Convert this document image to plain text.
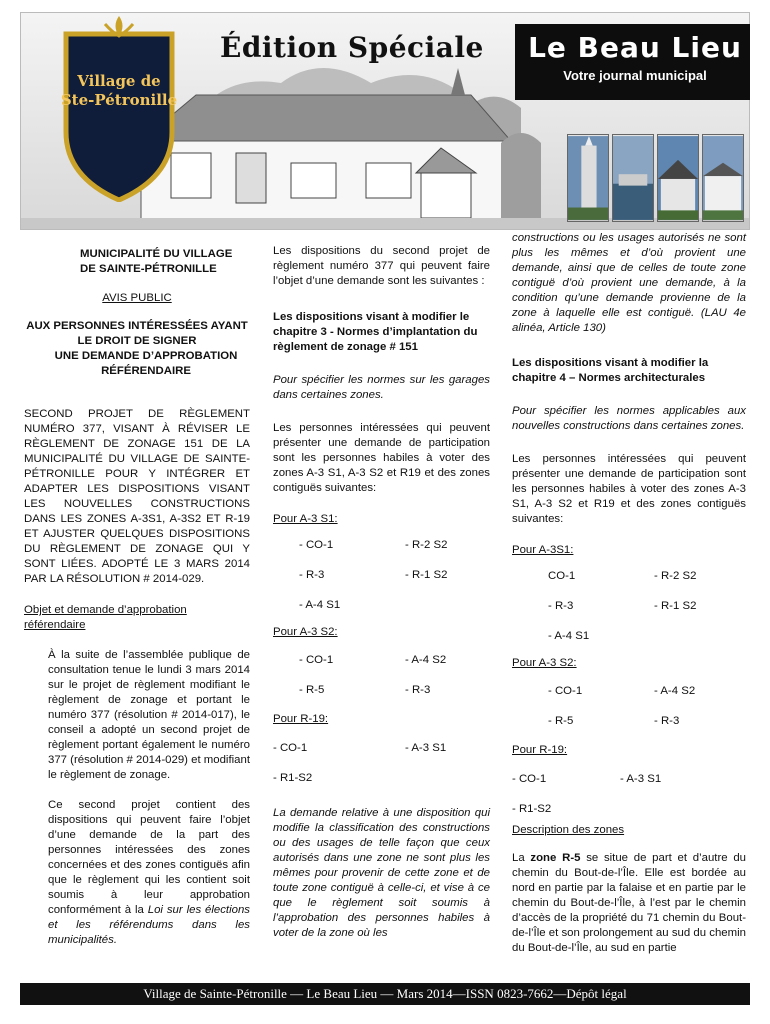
Village de
Ste-Pétronille
Édition Spéciale Le Beau Lieu
Votre journal municipal
MUNICIPALITÉ DU VILLAGE DE SAINTE-PÉTRONILLE
AVIS PUBLIC
AUX PERSONNES INTÉRESSÉES AYANT LE DROIT DE SIGNER
UNE DEMANDE D’APPROBATION RÉFÉRENDAIRE
SECOND PROJET DE RÈGLEMENT NUMÉRO 377, VISANT À RÉVISER LE RÈGLEMENT DE ZONAGE 151 DE LA MUNICIPALITÉ DU VILLAGE DE SAINTE-PÉTRONILLE POUR Y INTÉGRER ET ADAPTER LES DISPOSITIONS VISANT LES NOUVELLES CONSTRUCTIONS DANS LES ZONES A-3S1, A-3S2 ET R-19 ET AJUSTER QUELQUES DISPOSITIONS DU RÈGLEMENT DE ZONAGE QUI Y SONT LIÉES. ADOPTÉ LE 3 MARS 2014 PAR LA RÉSOLUTION # 2014-029.
Objet et demande d’approbation référendaire
À la suite de l’assemblée publique de consultation tenue le lundi 3 mars 2014 sur le projet de règlement modifiant le règlement de zonage et portant le numéro 377 (résolution # 2014-017), le conseil a adopté un second projet de règlement portant également le numéro 377 (résolution # 2014-029) et modifiant le règlement de zonage.
Ce second projet contient des dispositions qui peuvent faire l’objet d’une demande de la part des personnes intéressées des zones concernées et des zones contiguës afin que le règlement qui les contient soit soumis à leur approbation conformément à la Loi sur les élections et les référendums dans les municipalités.
Les dispositions du second projet de règlement numéro 377 qui peuvent faire l’objet d’une demande sont les suivantes :
Les dispositions visant à modifier le chapitre 3 - Normes d’implantation du règlement de zonage # 151
Pour spécifier les normes sur les garages dans certaines zones.
Les personnes intéressées qui peuvent présenter une demande de participation sont les personnes habiles à voter des zones A-3 S1, A-3 S2 et R19 et des zones contiguës suivantes:
Pour A-3 S1:
- CO-1	- R-2 S2
- R-3	- R-1 S2
- A-4 S1
Pour A-3 S2:
- CO-1	- A-4 S2
- R-5	- R-3
Pour R-19:
- CO-1	- A-3 S1
- R1-S2
La demande relative à une disposition qui modifie la classification des constructions ou des usages de telle façon que ceux autorisés dans une zone ne sont plus les mêmes pour provenir de cette zone et de toute zone contiguë à celle-ci, et vise à ce que le règlement soit soumis à l’approbation des personnes habiles à voter de la zone où les
constructions ou les usages autorisés ne sont plus les mêmes et d’où provient une demande, ainsi que de celles de toute zone contiguë d’où provient une demande, à la condition qu’une demande provienne de la zone à laquelle elle est contiguë. (LAU 4e alinéa, Article 130)
Les dispositions visant à modifier la chapitre 4 – Normes architecturales
Pour spécifier les normes applicables aux nouvelles constructions dans certaines zones.
Les personnes intéressées qui peuvent présenter une demande de participation sont les personnes habiles à voter des zones A-3 S1, A-3 S2 et R19 et des zones contiguës suivantes:
Pour A-3S1:
CO-1	- R-2 S2
- R-3	- R-1 S2
- A-4 S1
Pour A-3 S2:
- CO-1	- A-4 S2
- R-5	- R-3
Pour R-19:
- CO-1	- A-3 S1
- R1-S2
Description des zones
La zone R-5 se situe de part et d’autre du chemin du Bout-de-l’Île. Elle est bordée au nord en partie par la falaise et en partie par le chemin du Bout-de-l’Île, à l’est par le chemin d’accès de la propriété du 71 chemin du Bout-de-l’Île et son prolongement au sud du chemin du Bout-de-l’Île, au sud en partie
Village de Sainte-Pétronille — Le Beau Lieu — Mars 2014—ISSN 0823-7662—Dépôt légal
